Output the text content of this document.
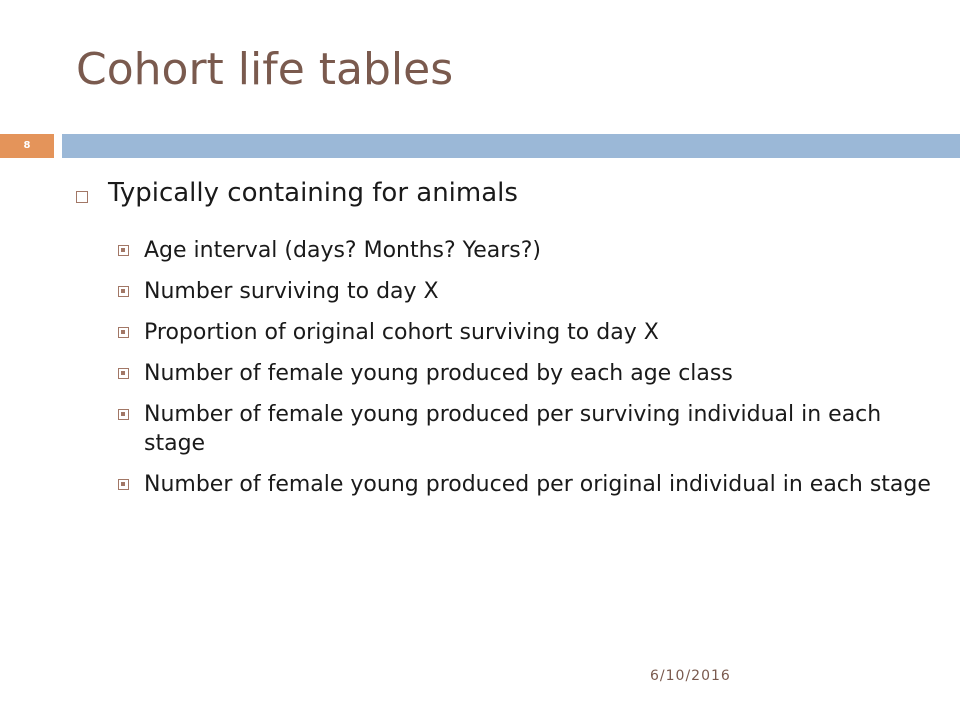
Cohort life tables
8
Typically containing for animals
Age interval (days? Months? Years?)
Number surviving to day X
Proportion of original cohort surviving to day X
Number of female young produced by each age class
Number of female young produced per surviving individual in each stage
Number of female young produced per original individual in each stage
6/10/2016
